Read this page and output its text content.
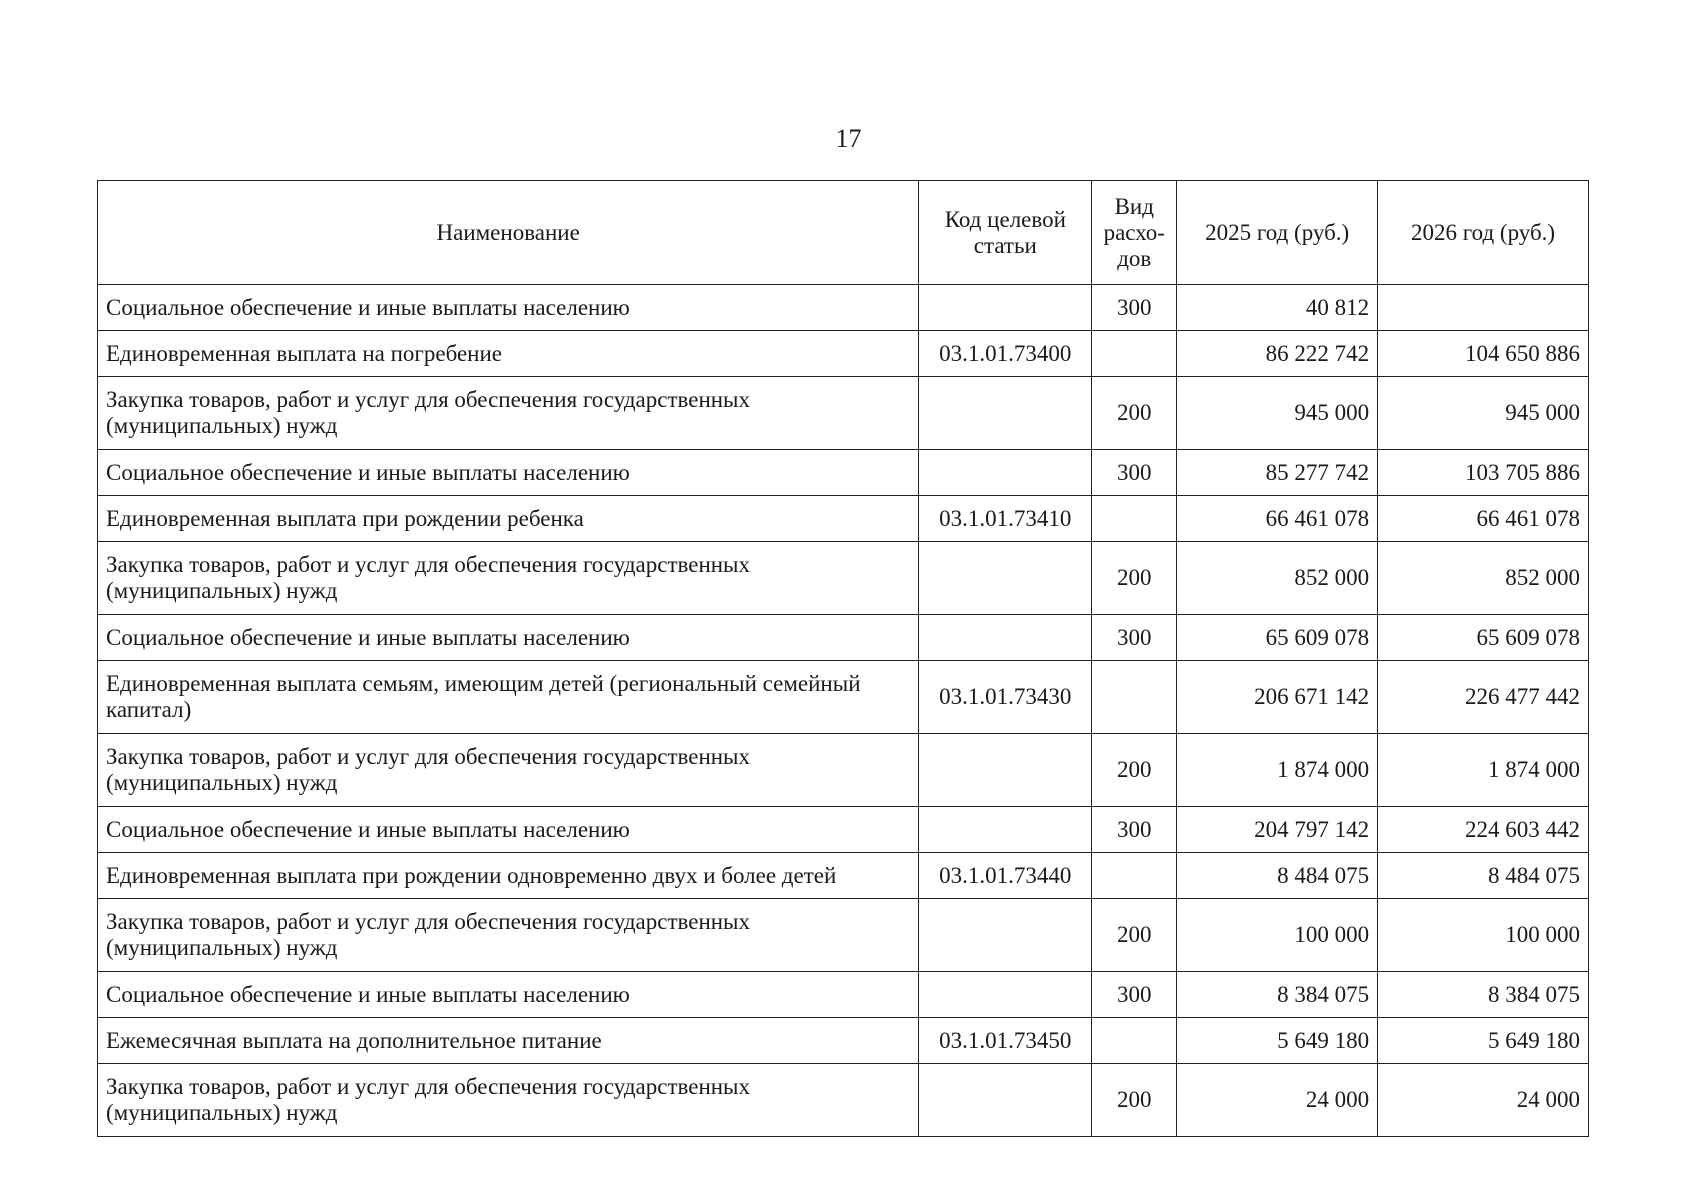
17
Наименование	Код целевой статьи	Вид расхо-дов	2025 год (руб.)	2026 год (руб.)
Социальное обеспечение и иные выплаты населению		300	40 812	
Единовременная выплата на погребение	03.1.01.73400		86 222 742	104 650 886
Закупка товаров, работ и услуг для обеспечения государственных (муниципальных) нужд		200	945 000	945 000
Социальное обеспечение и иные выплаты населению		300	85 277 742	103 705 886
Единовременная выплата при рождении ребенка	03.1.01.73410		66 461 078	66 461 078
Закупка товаров, работ и услуг для обеспечения государственных (муниципальных) нужд		200	852 000	852 000
Социальное обеспечение и иные выплаты населению		300	65 609 078	65 609 078
Единовременная выплата семьям, имеющим детей (региональный семейный капитал)	03.1.01.73430		206 671 142	226 477 442
Закупка товаров, работ и услуг для обеспечения государственных (муниципальных) нужд		200	1 874 000	1 874 000
Социальное обеспечение и иные выплаты населению		300	204 797 142	224 603 442
Единовременная выплата при рождении одновременно двух и более детей	03.1.01.73440		8 484 075	8 484 075
Закупка товаров, работ и услуг для обеспечения государственных (муниципальных) нужд		200	100 000	100 000
Социальное обеспечение и иные выплаты населению		300	8 384 075	8 384 075
Ежемесячная выплата на дополнительное питание	03.1.01.73450		5 649 180	5 649 180
Закупка товаров, работ и услуг для обеспечения государственных (муниципальных) нужд		200	24 000	24 000
